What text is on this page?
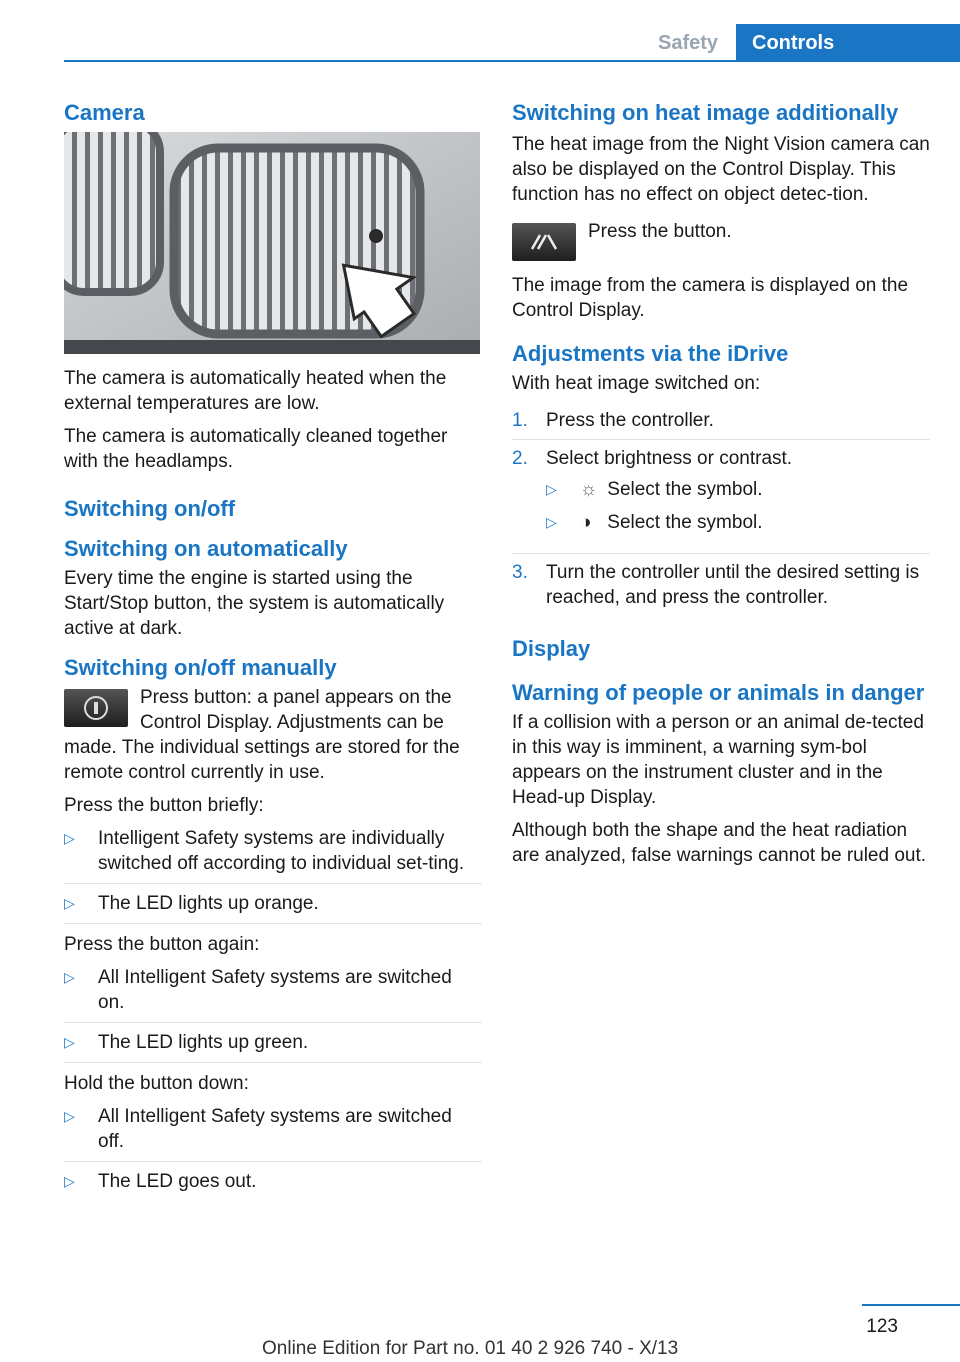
Safety	Controls
Camera

The camera is automatically heated when the external temperatures are low.

The camera is automatically cleaned together with the headlamps.

Switching on/off
Switching on automatically

Every time the engine is started using the Start/Stop button, the system is automatically active at dark.

Switching on/off manually

Press button: a panel appears on the Control Display. Adjustments can be made. The individual settings are stored for the remote control currently in use.

Press the button briefly:

▷ Intelligent Safety systems are individually switched off according to individual set-ting.
▷ The LED lights up orange.

Press the button again:

▷ All Intelligent Safety systems are switched on.
▷ The LED lights up green.

Hold the button down:

▷ All Intelligent Safety systems are switched off.
▷ The LED goes out.
Switching on heat image additionally

The heat image from the Night Vision camera can also be displayed on the Control Display. This function has no effect on object detec-tion.

Press the button.

The image from the camera is displayed on the Control Display.

Adjustments via the iDrive

With heat image switched on:

1. Press the controller.
2. Select brightness or contrast.
▷ ☼ Select the symbol.
▷ ◑ Select the symbol.
3. Turn the controller until the desired setting is reached, and press the controller.
Display
Warning of people or animals in danger

If a collision with a person or an animal de-tected in this way is imminent, a warning sym-bol appears on the instrument cluster and in the Head-up Display.

Although both the shape and the heat radiation are analyzed, false warnings cannot be ruled out.

123
Online Edition for Part no. 01 40 2 926 740 - X/13
